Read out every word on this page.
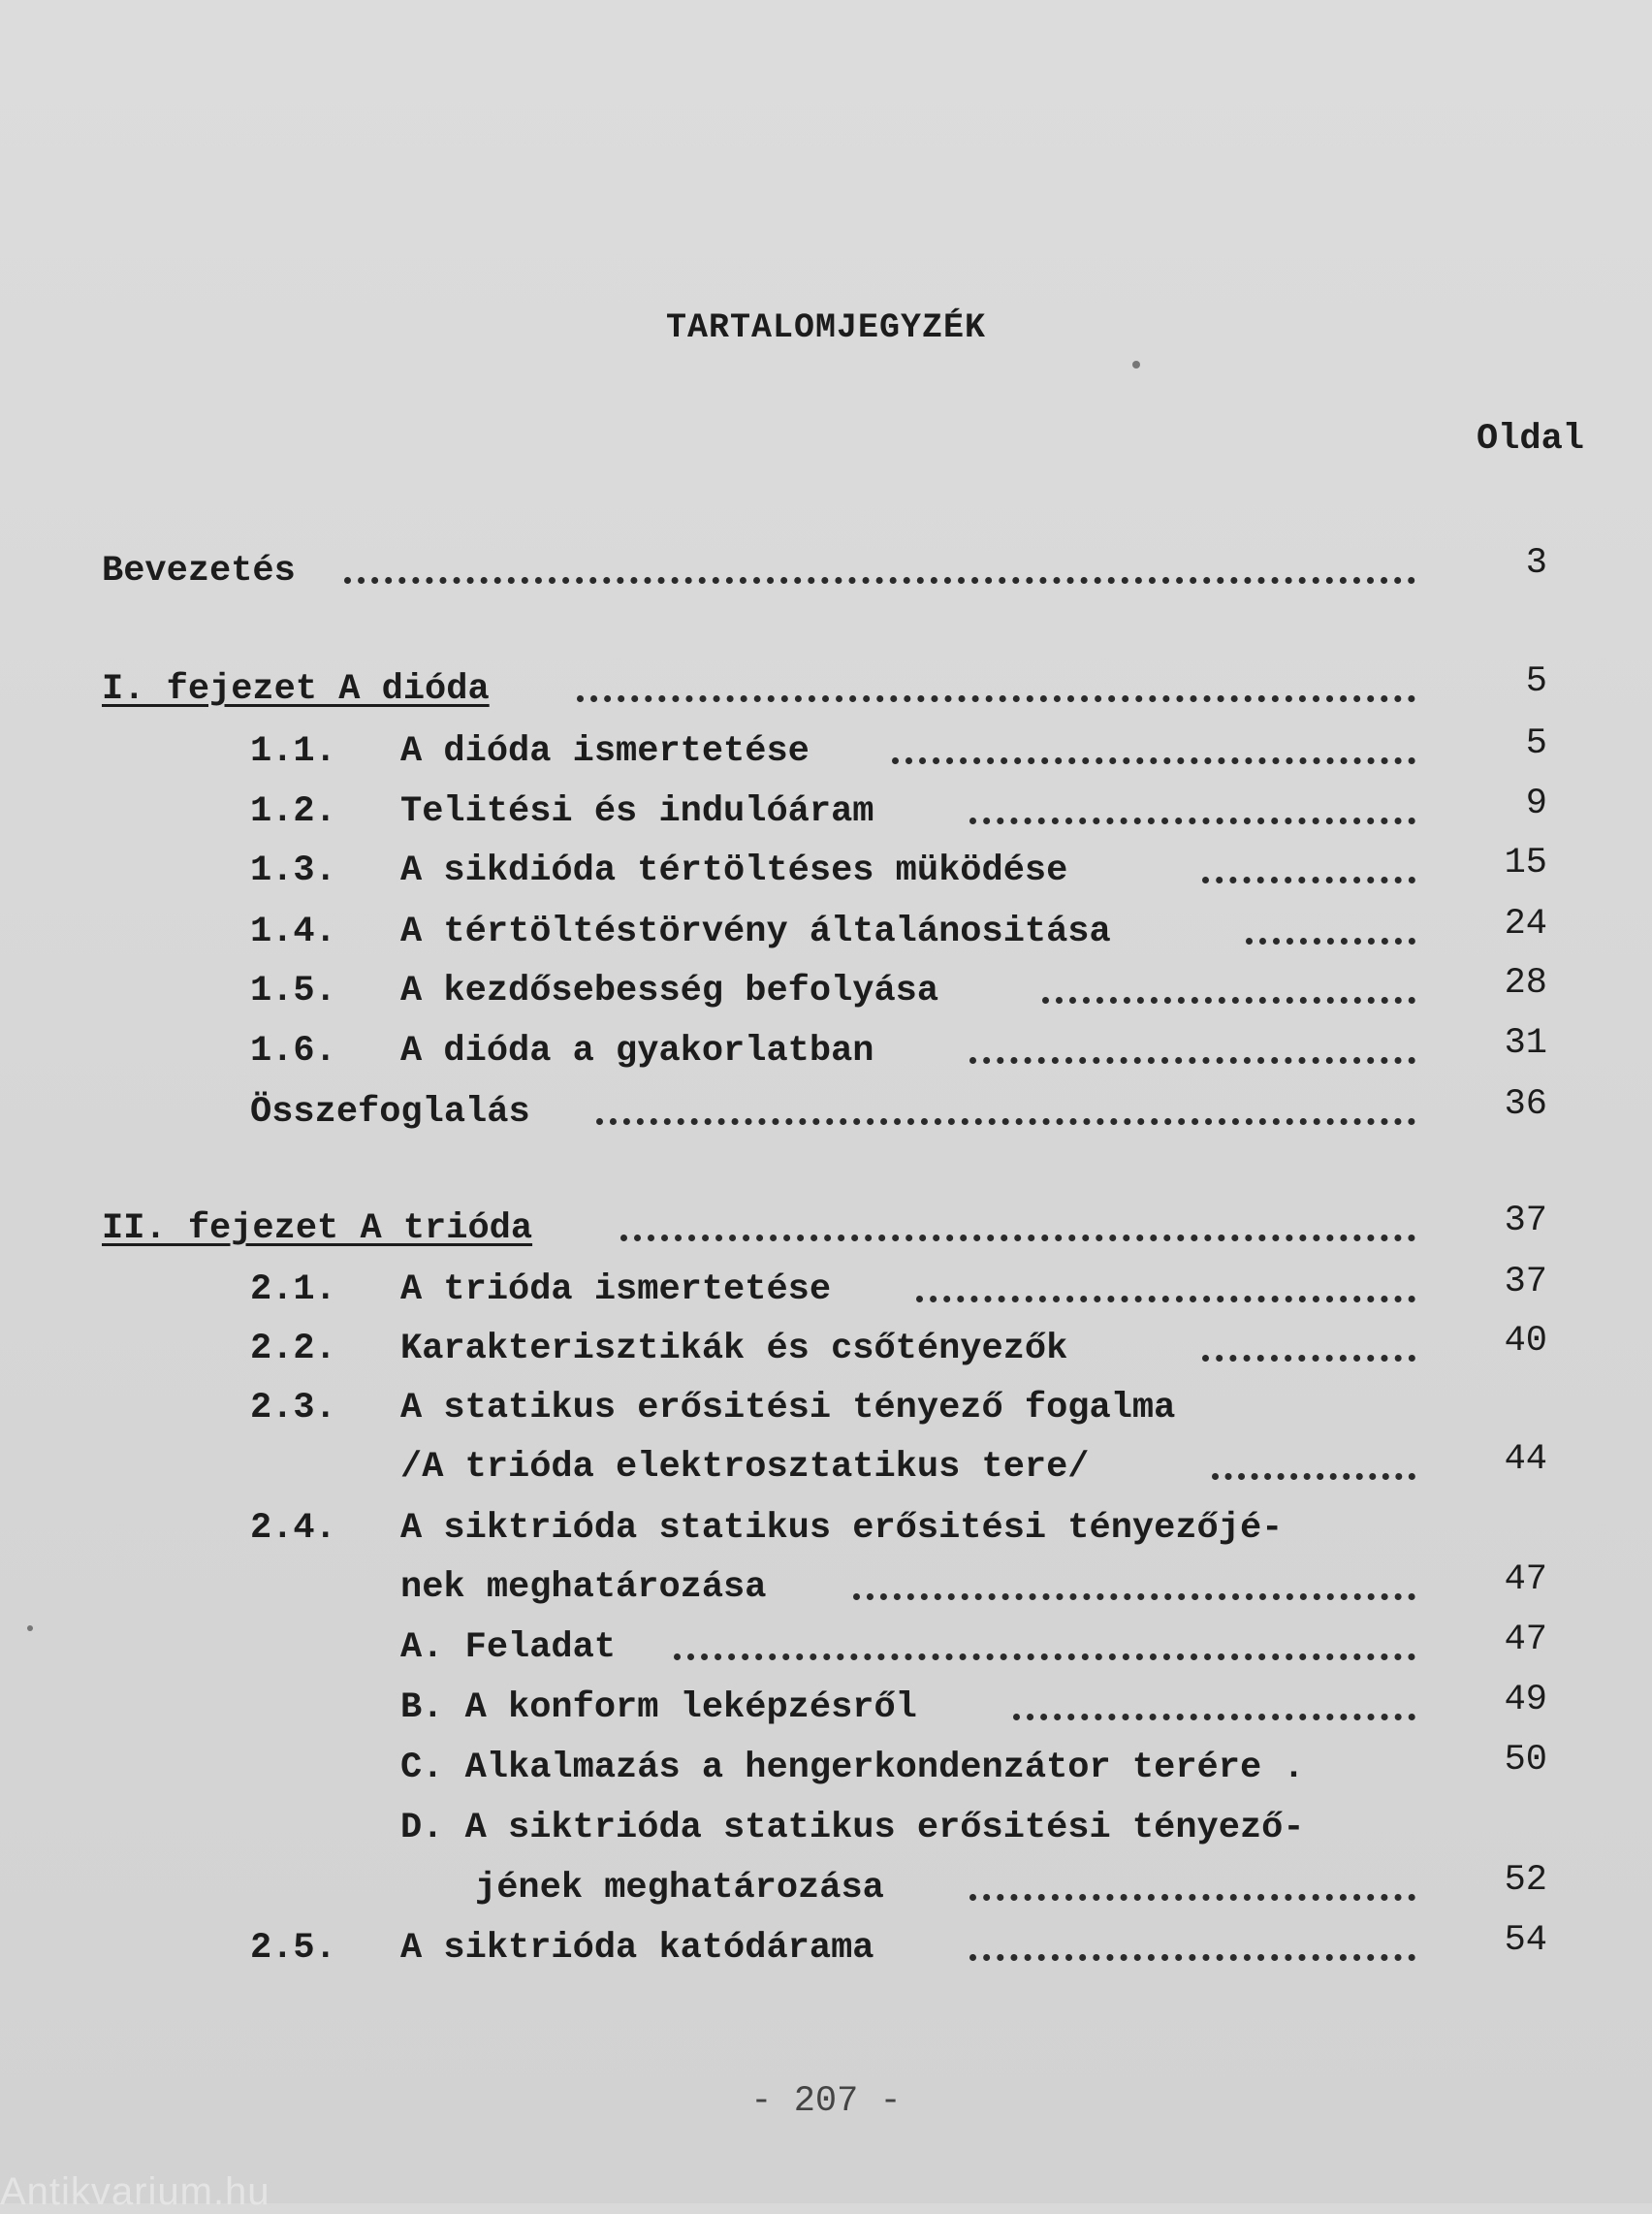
TARTALOMJEGYZÉK
Oldal
Bevezetés	3
I. fejezet A dióda	5
1.1.	A dióda ismertetése	5
1.2.	Telitési és indulóáram	9
1.3.	A sikdióda tértöltéses müködése	15
1.4.	A tértöltéstörvény általánositása	24
1.5.	A kezdősebesség befolyása	28
1.6.	A dióda a gyakorlatban	31
Összefoglalás	36
II. fejezet A trióda	37
2.1.	A trióda ismertetése	37
2.2.	Karakterisztikák és csőtényezők	40
2.3.	A statikus erősitési tényező fogalma
/A trióda elektrosztatikus tere/	44
2.4.	A siktrióda statikus erősitési tényezőjé-
nek meghatározása	47
A. Feladat	47
B. A konform leképzésről	49
C. Alkalmazás a hengerkondenzátor terére .	50
D. A siktrióda statikus erősitési tényező-
jének meghatározása	52
2.5.	A siktrióda katódárama	54
- 207 -
Antikvarium.hu
